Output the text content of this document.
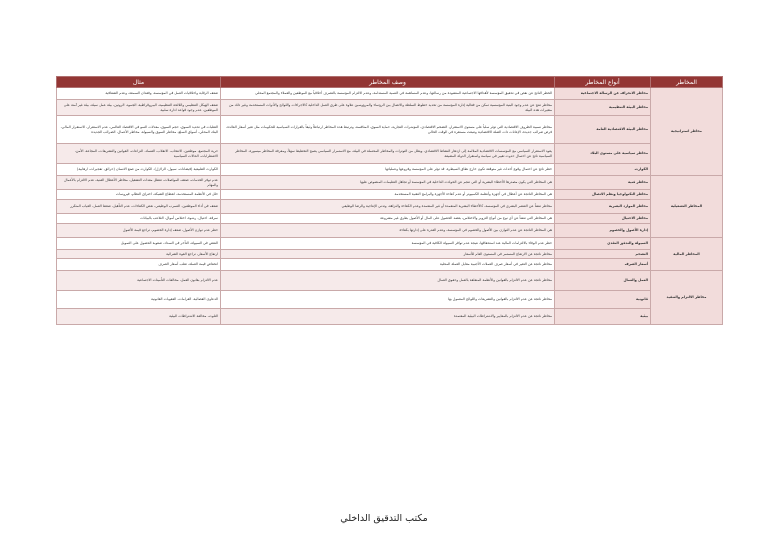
المخاطر	أنواع المخاطر	وصف المخاطر	مثال
مخاطر استراتيجية	مخاطر الانحراف عن الرسالة الاجتماعية	الخطر الناتج عن نقص في تحقيق المؤسسة لأهدافها الاجتماعية المنشودة من رسالتها، وعدم المساهمة في التنمية المستدامة، وعدم الالتزام المؤسسة بالتصرف أخلاقياً مع الموظفين والعملاء والمجتمع المحلي	ضعف الرقابة واخلاقيات العمل في المؤسسة، وفقدان السمعة، وعدم الشفافية
	مخاطر البيئة التنظيمية	مخاطر تنتج عن عدم وجود البنية المؤسسية تمكن من فعالية إدارة المؤسسة من تحديد خطوط السلطة والاتصال بين الرؤساء والمرؤوسين علاوة على طرق العمل الداخلية كالاجراءات واللوائح والأدوات المستخدمة وغير ذلك من متغيرات هذه البيئة	ضعف الهيكل التنظيمي واللائحة التنظيمية، البيروقراطية، الجمود، الروتين، بيئة عمل سيئة، بيئة غير آمنة على الموظفين، عدم وجود قواعد ادارة سلبية
	مخاطر البيئة الاقتصادية العامة	مخاطر نسبية الظروف الاقتصادية التي تؤثر سلباً على مستوى الاستقرار، التضخم الاقتصادي، المؤشرات التجارية، حماية السوق، المنافسة، وترتبط هذه المخاطر ارتباطاً وثيقاً بالقرارات السياسية للحكومات مثل تغير أسعار الفائدة، فرض ضرائب جديدة، الإعانات ذات الصلة الاقتصادية وتنبعث مستقرة في الوقت الحالي	التقلبات في تحديد السوق، حجم السوق، معدلات النمو في الاقتصاد العالمي، عدم الاستقرار، الاستقرار المالي، البنك المحلي، أسواق السلع، مخاطر السوق والسيولة، مخاطر الأعمال، الضرائب الجديدة
	مخاطر سياسية على مستوى البلاد	يقود الاستقرار السياسي مع المؤسسات الاقتصادية الملائمة إلى ازدهار النشاط الاقتصادي، ويقلل من التوترات والمخاطر المحتملة في البيئة، مع الاستمرار السياسي يصبح التخطيط سهلاً، ومعرفة المخاطر ميسورة، المخاطر السياسية ناتج عن احتمال حدوث تغيير في سياسة واستقرار الدولة المضيفة	حرية المجتمع، موظفين، الانتخاب، الانقلاب، الفساد، النزاعات، القوانين والتشريعات، المجاعة، الأمن، الاضطرابات، الحالات السياسية
	الكوارث	خطر ناتج عن احتمال وقوع أحداث غير متوقعة تكون خارج نطاق السيطرة، قد تؤثر على المؤسسة وفروعها وعملياتها	الكوارث الطبيعية (فيضانات، سيول، الزلازل)، الكوارث من صنع الانسان (حرائق، تفجيرات، ارهابية)
المخاطر التشغيلية	مخاطر فنية	هي المخاطر التي يكون مصدرها الأخطاء البشرية أو التي تنجم عن الحوادث الداخلية في المؤسسة أو تجاهل التعليمات المنصوص عليها	عدم توفر الخدمات، ضعف المواصلات، تعطل معدات التشغيل، مخاطر الأعطال الفنية، عدم الالتزام بالأعمال والمهام
	مخاطر التكنولوجيا ونظم الاتصال	هي المخاطر الناتجة عن أعطال في أجهزة وأنظمة الكمبيوتر أو عدم كفاءة الأجهزة والبرامج التقنية المستخدمة	خلل في الأنظمة المستخدمة، انقطاع الشبكة، اختراق النظام، فيروسات
	مخاطر الموارد البشرية	مخاطر تنشأ عن العنصر البشري في المؤسسة، كالأخطاء البشرية المتعمدة أو غير المتعمدة وعدم الكفاءة والنزاهة، وتدني الإنتاجية والرضا الوظيفي	ضعف في أداء الموظفين، التسرب الوظيفي، نقص الكفاءات، عدم التأهيل، ضغط العمل، الغياب المتكرر
	مخاطر الاحتيال	هي المخاطر التي تنشأ عن أي نوع من أنواع التزوير والاختلاس، بقصد الحصول على المال أو الأصول بطرق غير مشروعة	سرقة، احتيال، رشوة، اختلاس أموال، التلاعب بالبيانات
	إدارة الأصول والخصوم	هي المخاطر الناتجة عن عدم التوازن بين الأصول والخصوم في المؤسسة، وعدم القدرة على إدارتها بكفاءة	خطر عدم توازن الأصول، ضعف إدارة الخصوم، تراجع قيمة الأصول
المخاطر المالية	السيولة والتدفق النقدي	خطر عدم الوفاء بالالتزامات المالية عند استحقاقها، نتيجة عدم توافر السيولة الكافية في المؤسسة	النقص في السيولة، التأخر في السداد، صعوبة الحصول على التمويل
	التضخم	مخاطر ناتجة عن الارتفاع المستمر في المستوى العام للأسعار	ارتفاع الأسعار، تراجع القوة الشرائية
	أسعار الصرف	مخاطر ناتجة عن التغير في أسعار صرف العملات الأجنبية مقابل العملة المحلية	انخفاض قيمة العملة، تقلب أسعار الصرف
مخاطر الالتزام والتنفيذ	العمل والعمال	مخاطر ناتجة عن عدم الالتزام بالقوانين والأنظمة المتعلقة بالعمل وحقوق العمال	عدم الالتزام بقانون العمل، مخالفات التأمينات الاجتماعية
	قانونية	مخاطر ناتجة عن عدم الالتزام بالقوانين والتشريعات واللوائح المعمول بها	الدعاوى القضائية، الغرامات، العقوبات القانونية
	بيئية	مخاطر ناتجة عن عدم الالتزام بالمعايير والاشتراطات البيئية المعتمدة	التلوث، مخالفة الاشتراطات البيئية
مكتب التدقيق الداخلي
